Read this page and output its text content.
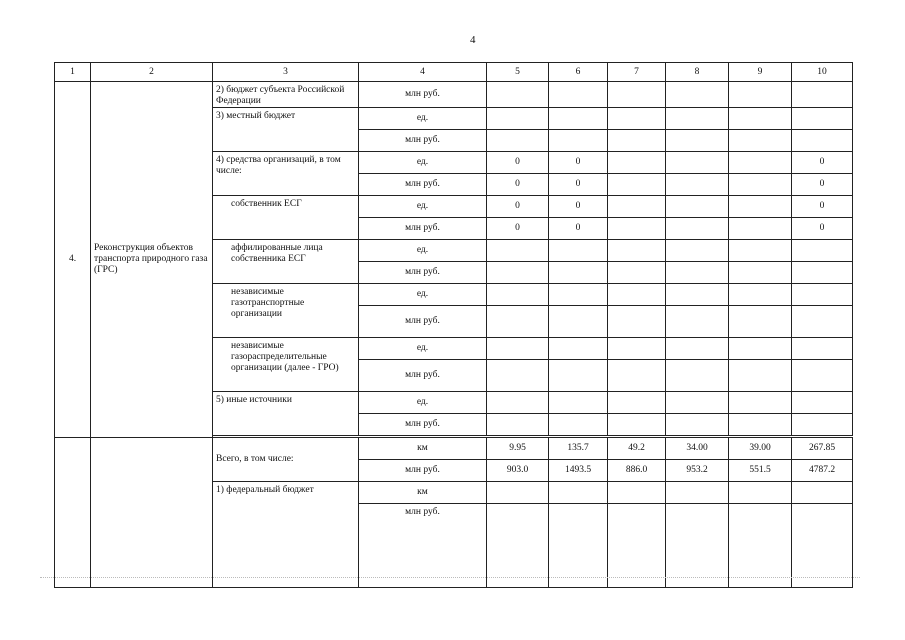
4
1	2	3	4	5	6	7	8	9	10
4.	Реконструкция объектов транспорта природного газа (ГРС)	2) бюджет субъекта Российской Федерации	млн руб.						
		3) местный бюджет	ед.						
			млн руб.						
		4) средства организаций, в том числе:	ед.	0	0				0
			млн руб.	0	0				0
		собственник ЕСГ	ед.	0	0				0
			млн руб.	0	0				0
		аффилированные лица собственника ЕСГ	ед.						
			млн руб.						
		независимые газотранспортные организации	ед.						
			млн руб.						
		независимые газораспределительные организации (далее - ГРО)	ед.						
			млн руб.						
		5) иные источники	ед.						
			млн руб.						

		Всего, в том числе:	км	9.95	135.7	49.2	34.00	39.00	267.85
			млн руб.	903.0	1493.5	886.0	953.2	551.5	4787.2
		1) федеральный бюджет	км						
			млн руб.						
